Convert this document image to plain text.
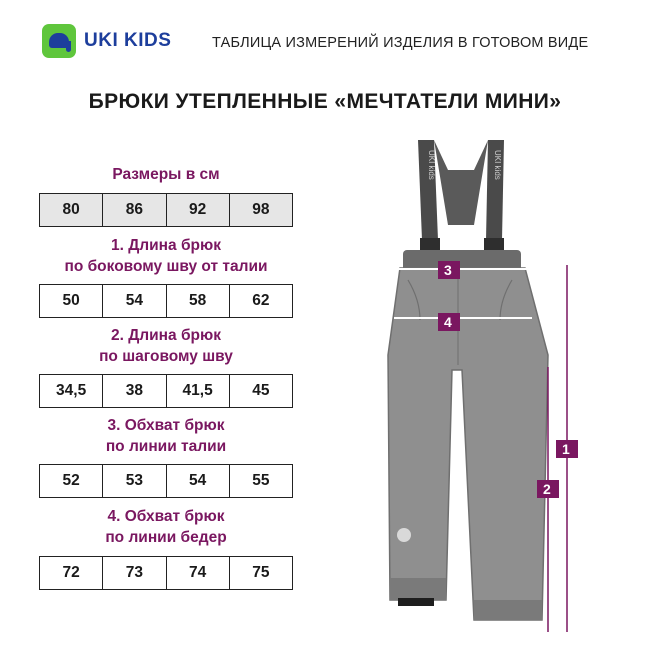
UKI KIDS	ТАБЛИЦА ИЗМЕРЕНИЙ ИЗДЕЛИЯ В ГОТОВОМ ВИДЕ
БРЮКИ УТЕПЛЕННЫЕ «МЕЧТАТЕЛИ МИНИ»
Размеры в см
80	86	92	98
1. Длина брюк
по боковому шву от талии
50	54	58	62
2. Длина брюк
по шаговому шву
34,5	38	41,5	45
3. Обхват брюк
по линии талии
52	53	54	55
4. Обхват брюк
по линии бедер
72	73	74	75
UKI kids	UKI kids
3
4
1
2
